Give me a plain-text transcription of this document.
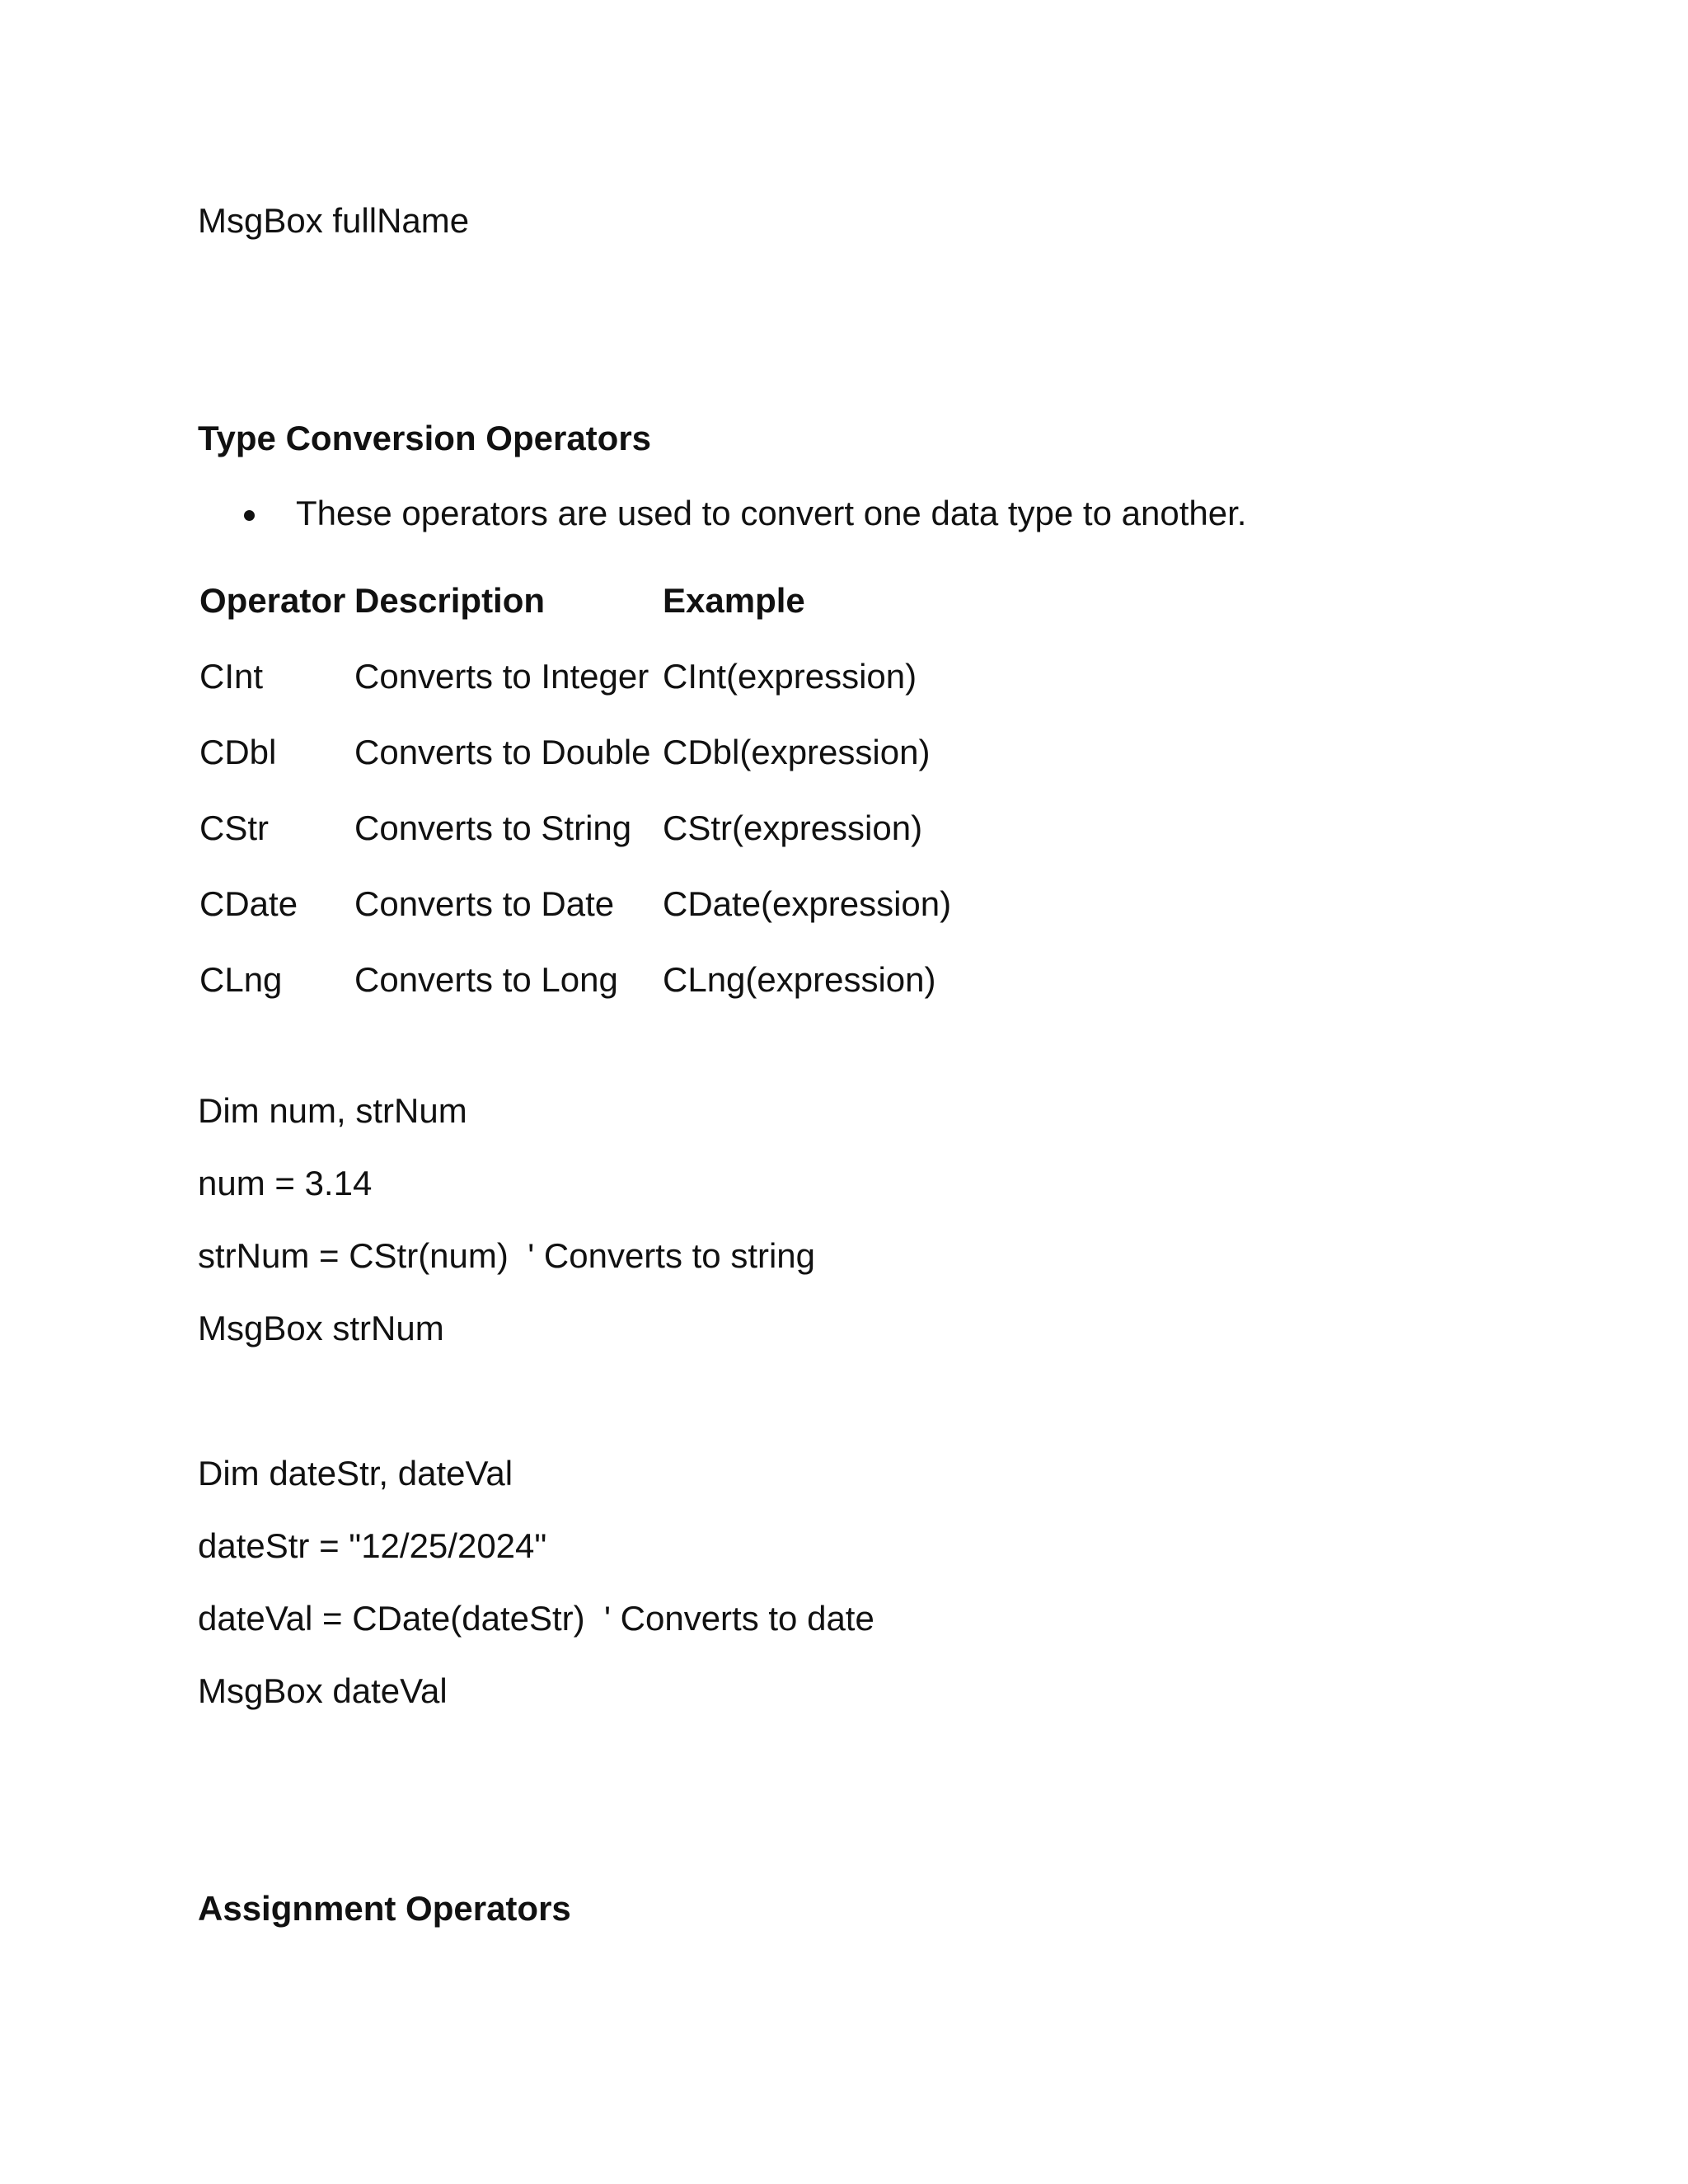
MsgBox fullName
Type Conversion Operators
These operators are used to convert one data type to another.
Operator	Description	Example
CInt	Converts to Integer	CInt(expression)
CDbl	Converts to Double	CDbl(expression)
CStr	Converts to String	CStr(expression)
CDate	Converts to Date	CDate(expression)
CLng	Converts to Long	CLng(expression)
Dim num, strNum
num = 3.14
strNum = CStr(num)  ' Converts to string
MsgBox strNum
Dim dateStr, dateVal
dateStr = "12/25/2024"
dateVal = CDate(dateStr)  ' Converts to date
MsgBox dateVal
Assignment Operators
